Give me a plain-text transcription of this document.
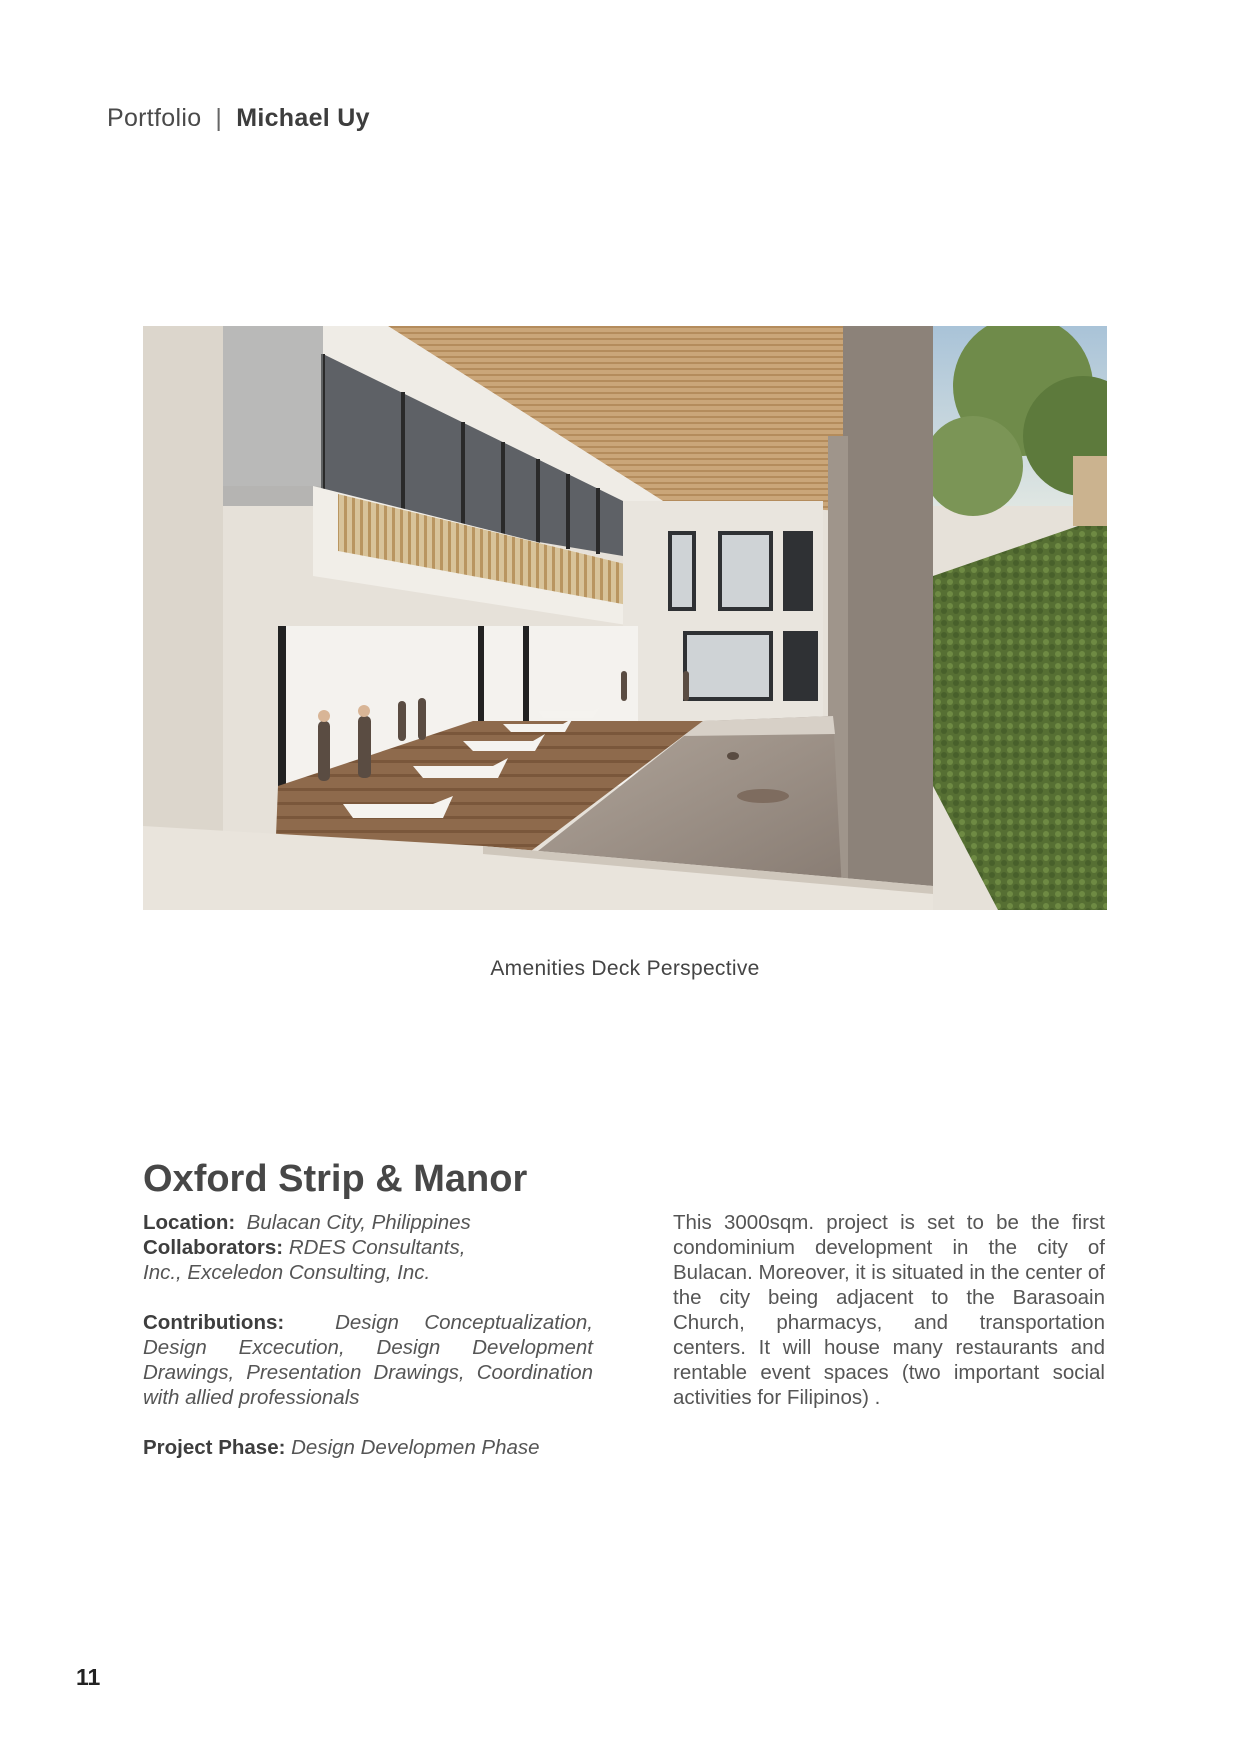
Portfolio | Michael Uy
Amenities Deck Perspective
Oxford Strip & Manor

Location: Bulacan City, Philippines

Collaborators: RDES Consultants,

Inc., Exceledon Consulting, Inc.

Contributions: Design Conceptualization, Design Excecution, Design Development Drawings, Presentation Drawings, Coordination with allied professionals

Project Phase: Design Developmen Phase

This 3000sqm. project is set to be the first condominium development in the city of Bulacan. Moreover, it is situated in the center of the city being adjacent to the Barasoain Church, pharmacys, and transportation centers. It will house many restaurants and rentable event spaces (two important social activities for Filipinos) .

11
